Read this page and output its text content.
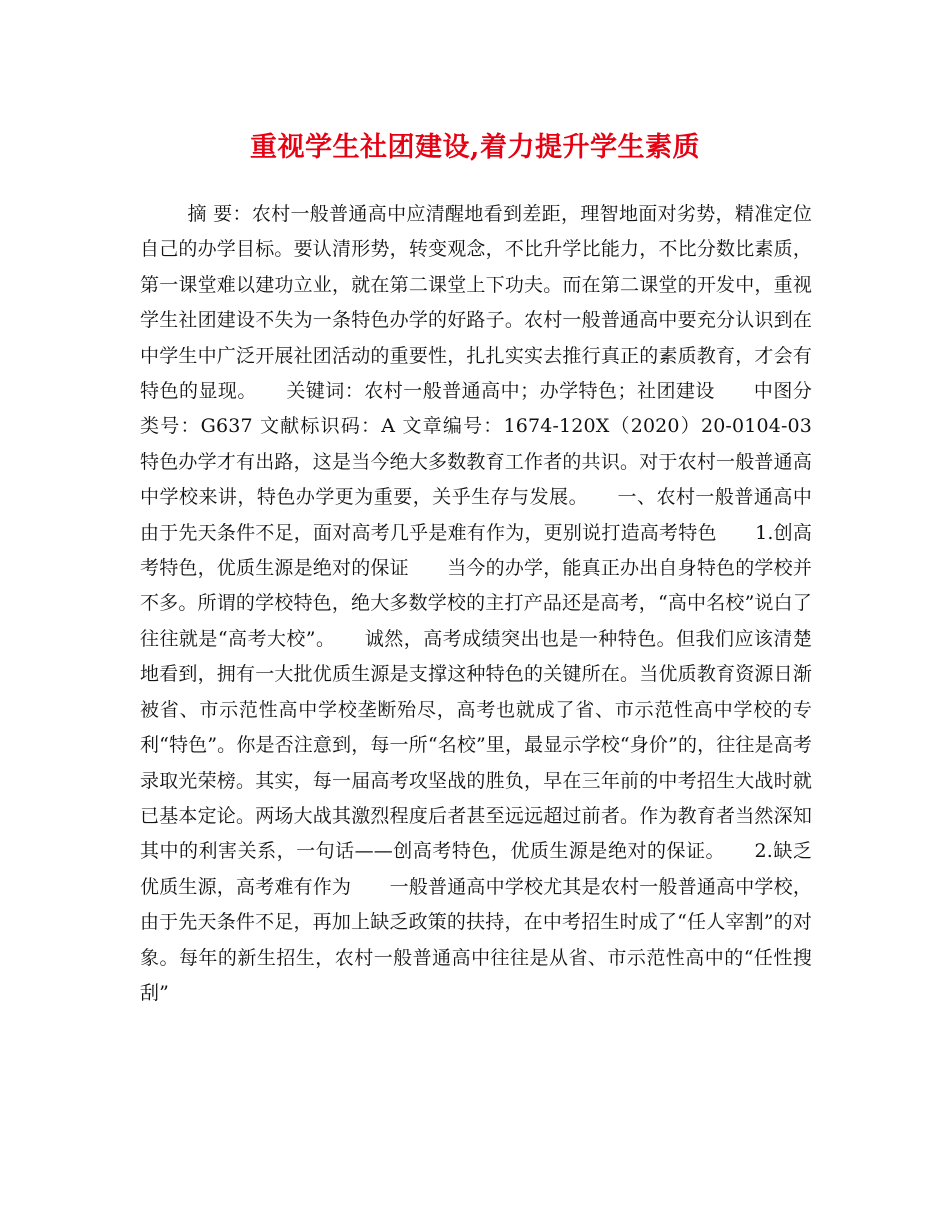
重视学生社团建设,着力提升学生素质

摘 要：农村一般普通高中应清醒地看到差距，理智地面对劣势，精准定位自己的办学目标。要认清形势，转变观念，不比升学比能力，不比分数比素质，第一课堂难以建功立业，就在第二课堂上下功夫。而在第二课堂的开发中，重视学生社团建设不失为一条特色办学的好路子。农村一般普通高中要充分认识到在中学生中广泛开展社团活动的重要性，扎扎实实去推行真正的素质教育，才会有特色的显现。　　关键词：农村一般普通高中；办学特色；社团建设　　中图分类号：G637 文献标识码：A 文章编号：1674-120X（2020）20-0104-03　　特色办学才有出路，这是当今绝大多数教育工作者的共识。对于农村一般普通高中学校来讲，特色办学更为重要，关乎生存与发展。　　一、农村一般普通高中由于先天条件不足，面对高考几乎是难有作为，更别说打造高考特色　　1.创高考特色，优质生源是绝对的保证　　当今的办学，能真正办出自身特色的学校并不多。所谓的学校特色，绝大多数学校的主打产品还是高考，“高中名校”说白了往往就是“高考大校”。　　诚然，高考成绩突出也是一种特色。但我们应该清楚地看到，拥有一大批优质生源是支撑这种特色的关键所在。当优质教育资源日渐被省、市示范性高中学校垄断殆尽，高考也就成了省、市示范性高中学校的专利“特色”。你是否注意到，每一所“名校”里，最显示学校“身价”的，往往是高考录取光荣榜。其实，每一届高考攻坚战的胜负，早在三年前的中考招生大战时就已基本定论。两场大战其激烈程度后者甚至远远超过前者。作为教育者当然深知其中的利害关系，一句话——创高考特色，优质生源是绝对的保证。　　2.缺乏优质生源，高考难有作为　　一般普通高中学校尤其是农村一般普通高中学校，由于先天条件不足，再加上缺乏政策的扶持，在中考招生时成了“任人宰割”的对象。每年的新生招生，农村一般普通高中往往是从省、市示范性高中的“任性搜刮”
